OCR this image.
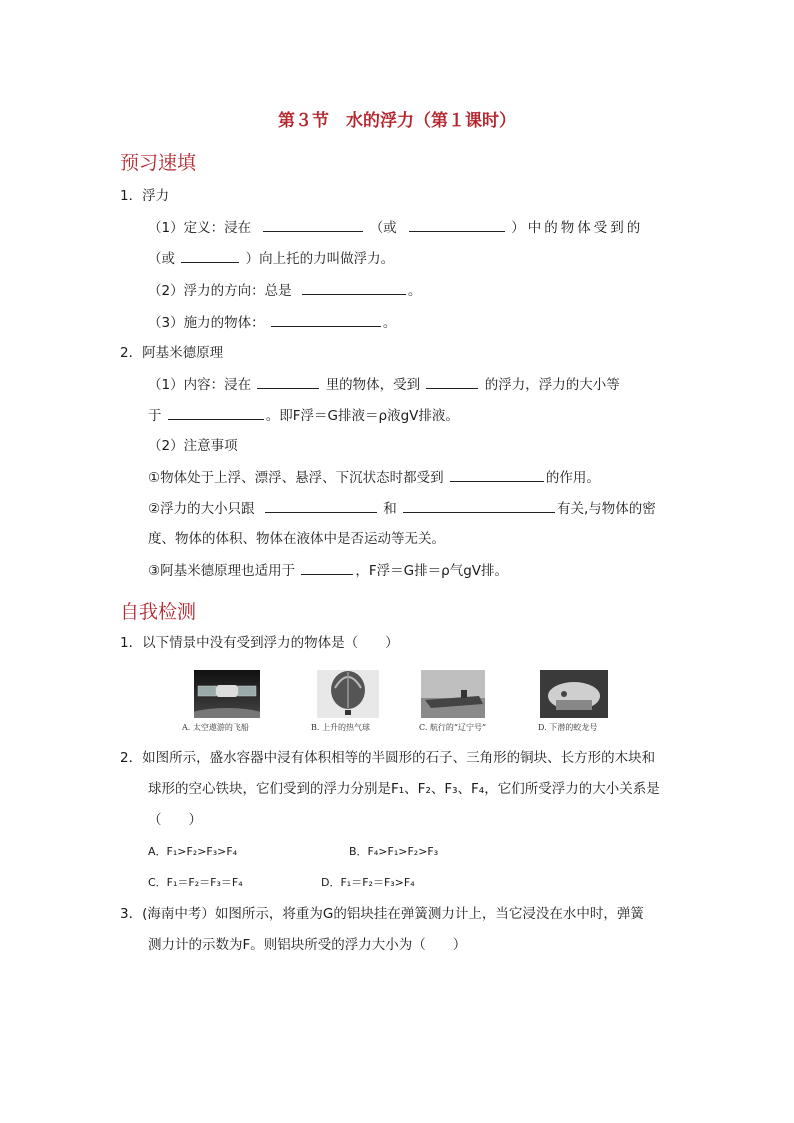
第３节　水的浮力（第１课时）
预习速填
1．浮力
（1）定义：浸在	（或	）中的物体受到的
（或	）向上托的力叫做浮力。
（2）浮力的方向：总是	。
（3）施力的物体：	。
2．阿基米德原理
（1）内容：浸在	里的物体，受到	的浮力，浮力的大小等
于	。即F浮＝G排液＝ρ液gV排液。
（2）注意事项
①物体处于上浮、漂浮、悬浮、下沉状态时都受到	的作用。
②浮力的大小只跟	和	有关,与物体的密
度、物体的体积、物体在液体中是否运动等无关。
③阿基米德原理也适用于	，F浮＝G排＝ρ气gV排。
自我检测
1．以下情景中没有受到浮力的物体是（　　）
A. 太空遨游的飞船	B. 上升的热气球	C. 航行的“辽宁号”	D. 下潜的蛟龙号
2．如图所示，盛水容器中浸有体积相等的半圆形的石子、三角形的铜块、长方形的木块和
球形的空心铁块，它们受到的浮力分别是F₁、F₂、F₃、F₄，它们所受浮力的大小关系是
（　　）
A．F₁>F₂>F₃>F₄	B．F₄>F₁>F₂>F₃
C．F₁＝F₂＝F₃＝F₄	D．F₁＝F₂＝F₃>F₄
3．(海南中考）如图所示，将重为G的铝块挂在弹簧测力计上，当它浸没在水中时，弹簧
测力计的示数为F。则铝块所受的浮力大小为（　　）
